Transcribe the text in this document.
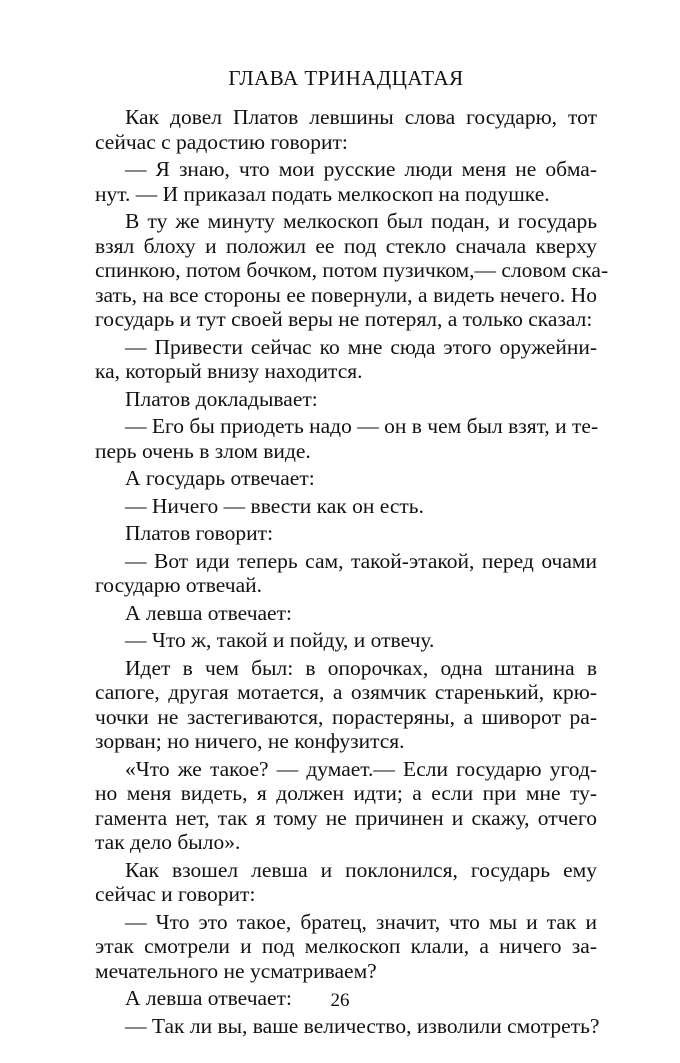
ГЛАВА ТРИНАДЦАТАЯ
Как довел Платов левшины слова государю, тот
сейчас с радостию говорит:
— Я знаю, что мои русские люди меня не обма-
нут. — И приказал подать мелкоскоп на подушке.
В ту же минуту мелкоскоп был подан, и государь
взял блоху и положил ее под стекло сначала кверху
спинкою, потом бочком, потом пузичком,— словом ска-
зать, на все стороны ее повернули, а видеть нечего. Но
государь и тут своей веры не потерял, а только сказал:
— Привести сейчас ко мне сюда этого оружейни-
ка, который внизу находится.
Платов докладывает:
— Его бы приодеть надо — он в чем был взят, и те-
перь очень в злом виде.
А государь отвечает:
— Ничего — ввести как он есть.
Платов говорит:
— Вот иди теперь сам, такой-этакой, перед очами
государю отвечай.
А левша отвечает:
— Что ж, такой и пойду, и отвечу.
Идет в чем был: в опорочках, одна штанина в
сапоге, другая мотается, а озямчик старенький, крю-
чочки не застегиваются, порастеряны, а шиворот ра-
зорван; но ничего, не конфузится.
«Что же такое? — думает.— Если государю угод-
но меня видеть, я должен идти; а если при мне ту-
гамента нет, так я тому не причинен и скажу, отчего
так дело было».
Как взошел левша и поклонился, государь ему
сейчас и говорит:
— Что это такое, братец, значит, что мы и так и
этак смотрели и под мелкоскоп клали, а ничего за-
мечательного не усматриваем?
А левша отвечает:
— Так ли вы, ваше величество, изволили смотреть?
26
